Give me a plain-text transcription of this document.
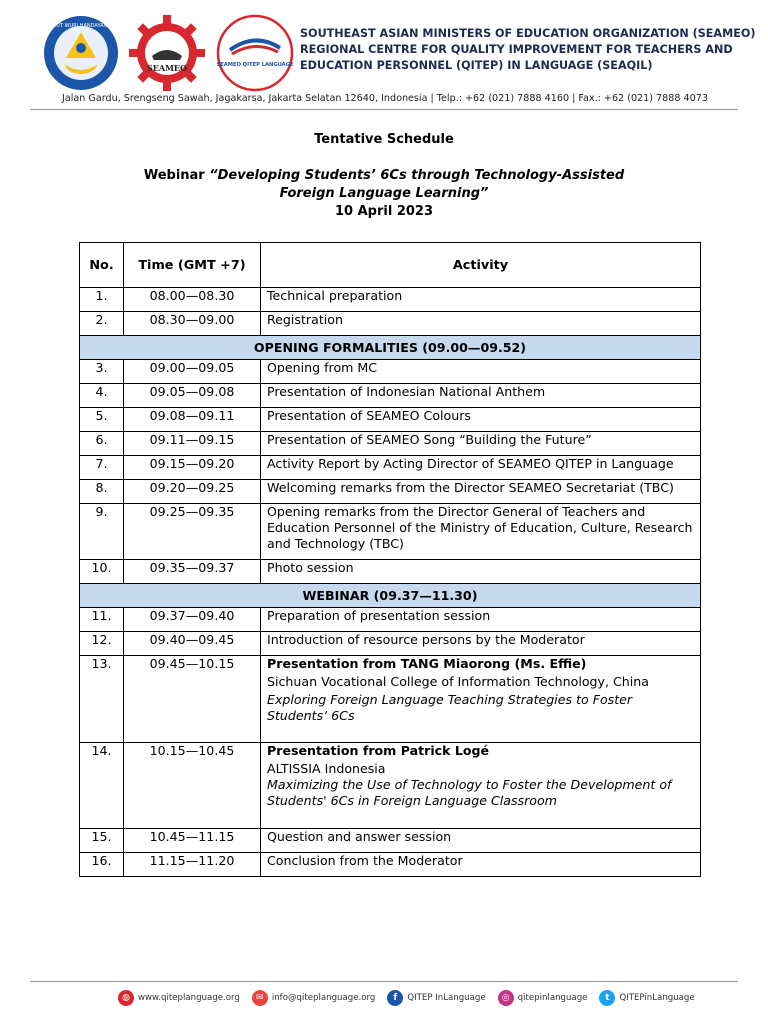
TUT WURI HANDAYANI
SEAMEO	SEAMEO QITEP LANGUAGE
SOUTHEAST ASIAN MINISTERS OF EDUCATION ORGANIZATION (SEAMEO)
REGIONAL CENTRE FOR QUALITY IMPROVEMENT FOR TEACHERS AND
EDUCATION PERSONNEL (QITEP) IN LANGUAGE (SEAQIL)
Jalan Gardu, Srengseng Sawah, Jagakarsa, Jakarta Selatan 12640, Indonesia | Telp.: +62 (021) 7888 4160 | Fax.: +62 (021) 7888 4073
Tentative Schedule
Webinar “Developing Students’ 6Cs through Technology-Assisted
Foreign Language Learning”
10 April 2023
No.	Time (GMT +7)	Activity
1.	08.00—08.30	Technical preparation
2.	08.30—09.00	Registration
OPENING FORMALITIES (09.00—09.52)		
3.	09.00—09.05	Opening from MC
4.	09.05—09.08	Presentation of Indonesian National Anthem
5.	09.08—09.11	Presentation of SEAMEO Colours
6.	09.11—09.15	Presentation of SEAMEO Song “Building the Future”
7.	09.15—09.20	Activity Report by Acting Director of SEAMEO QITEP in Language
8.	09.20—09.25	Welcoming remarks from the Director SEAMEO Secretariat (TBC)
9.	09.25—09.35	Opening remarks from the Director General of Teachers and Education Personnel of the Ministry of Education, Culture, Research and Technology (TBC)
10.	09.35—09.37	Photo session
WEBINAR (09.37—11.30)		
11.	09.37—09.40	Preparation of presentation session
12.	09.40—09.45	Introduction of resource persons by the Moderator
13.	09.45—10.15	Presentation from TANG Miaorong (Ms. Effie)
Sichuan Vocational College of Information Technology, China
Exploring Foreign Language Teaching Strategies to Foster Students’ 6Cs

14.	10.15—10.45	Presentation from Patrick Logé
ALTISSIA Indonesia
Maximizing the Use of Technology to Foster the Development of Students' 6Cs in Foreign Language Classroom

15.	10.45—11.15	Question and answer session
16.	11.15—11.20	Conclusion from the Moderator
◍ www.qiteplanguage.org	✉ info@qiteplanguage.org	f	QITEP InLanguage	◎ qitepinlanguage	t	QITEPinLanguage
